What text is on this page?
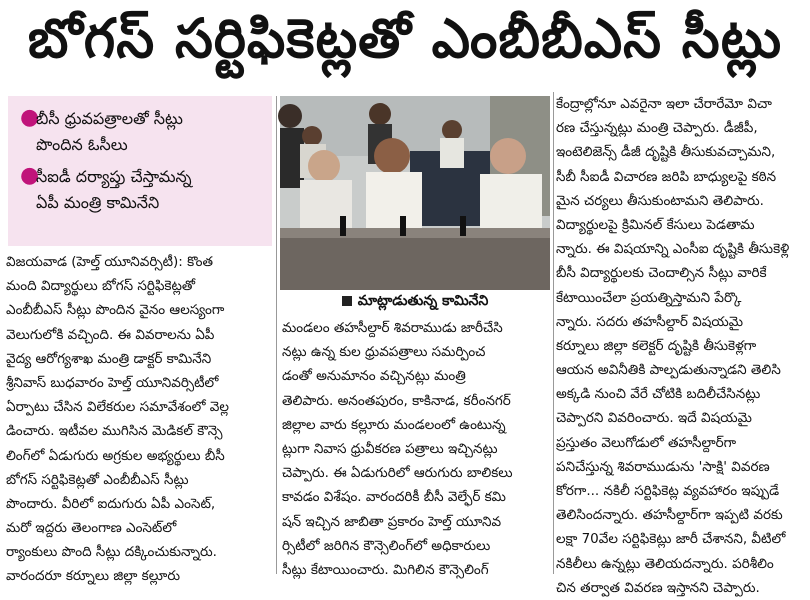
బోగస్ సర్టిఫికెట్లతో ఎంబీబీఎస్ సీట్లు
●
బీసీ ధ్రువపత్రాలతో సీట్లు
పొందిన ఓసీలు
●
సీఐడీ దర్యాప్తు చేస్తామన్న
ఏపీ మంత్రి కామినేని
మాట్లాడుతున్న కామినేని
విజయవాడ (హెల్త్ యూనివర్సిటీ): కొంత
మంది విద్యార్థులు బోగస్ సర్టిఫికెట్లతో
ఎంబీబీఎస్ సీట్లు పొందిన వైనం ఆలస్యంగా
వెలుగులోకి వచ్చింది. ఈ వివరాలను ఏపీ
వైద్య ఆరోగ్యశాఖ మంత్రి డాక్టర్ కామినేని
శ్రీనివాస్ బుధవారం హెల్త్ యూనివర్సిటీలో
ఏర్పాటు చేసిన విలేకరుల సమావేశంలో వెల్ల
డించారు. ఇటీవల ముగిసిన మెడికల్ కౌన్సె
లింగ్‌లో ఏడుగురు అగ్రకుల అభ్యర్థులు బీసీ
బోగస్ సర్టిఫికెట్లతో ఎంబీబీఎస్ సీట్లు
పొందారు. వీరిలో ఐదుగురు ఏపీ ఎంసెట్,
మరో ఇద్దరు తెలంగాణ ఎంసెట్‌లో
ర్యాంకులు పొంది సీట్లు దక్కించుకున్నారు.
వారందరూ కర్నూలు జిల్లా కల్లూరు
మండలం తహసీల్దార్ శివరాముడు జారీచేసి
నట్లు ఉన్న కుల ధ్రువపత్రాలు సమర్పించ
డంతో అనుమానం వచ్చినట్లు మంత్రి
తెలిపారు. అనంతపురం, కాకినాడ, కరీంనగర్
జిల్లాల వారు కల్లూరు మండలంలో ఉంటున్న
ట్లుగా నివాస ధ్రువీకరణ పత్రాలు ఇచ్చినట్లు
చెప్పారు. ఈ ఏడుగురిలో ఆరుగురు బాలికలు
కావడం విశేషం. వారందరికీ బీసీ వెల్ఫేర్ కమి
షన్ ఇచ్చిన జాబితా ప్రకారం హెల్త్ యూనివ
ర్సిటీలో జరిగిన కౌన్సెలింగ్‌లో అధికారులు
సీట్లు కేటాయించారు. మిగిలిన కౌన్సెలింగ్
కేంద్రాల్లోనూ ఎవరైనా ఇలా చేరారేమో విచా
రణ చేస్తున్నట్లు మంత్రి చెప్పారు. డీజీపీ,
ఇంటెలిజెన్స్ డీజీ దృష్టికి తీసుకువచ్చామని,
సీబీ సీఐడీ విచారణ జరిపి బాధ్యులపై కఠిన
మైన చర్యలు తీసుకుంటామని తెలిపారు.
విద్యార్థులపై క్రిమినల్ కేసులు పెడతామ
న్నారు. ఈ విషయాన్ని ఎంసీఐ దృష్టికి తీసుకెళ్లి
బీసీ విద్యార్థులకు చెందాల్సిన సీట్లు వారికే
కేటాయించేలా ప్రయత్నిస్తామని పేర్కొ
న్నారు. సదరు తహసీల్దార్ విషయమై
కర్నూలు జిల్లా కలెక్టర్ దృష్టికి తీసుకెళ్లగా
ఆయన అవినీతికి పాల్పడుతున్నాడని తెలిసి
అక్కడి నుంచి వేరే చోటికి బదిలీచేసినట్లు
చెప్పారని వివరించారు. ఇదే విషయమై
ప్రస్తుతం వెలుగోడులో తహసీల్దార్‌గా
పనిచేస్తున్న శివరాముడును 'సాక్షి' వివరణ
కోరగా... నకిలీ సర్టిఫికెట్ల వ్యవహారం ఇప్పుడే
తెలిసిందన్నారు. తహసీల్దార్‌గా ఇప్పటి వరకు
లక్షా 70వేల సర్టిఫికెట్లు జారీ చేశానని, వీటిలో
నకిలీలు ఉన్నట్లు తెలియదన్నారు. పరిశీలిం
చిన తర్వాత వివరణ ఇస్తానని చెప్పారు.
